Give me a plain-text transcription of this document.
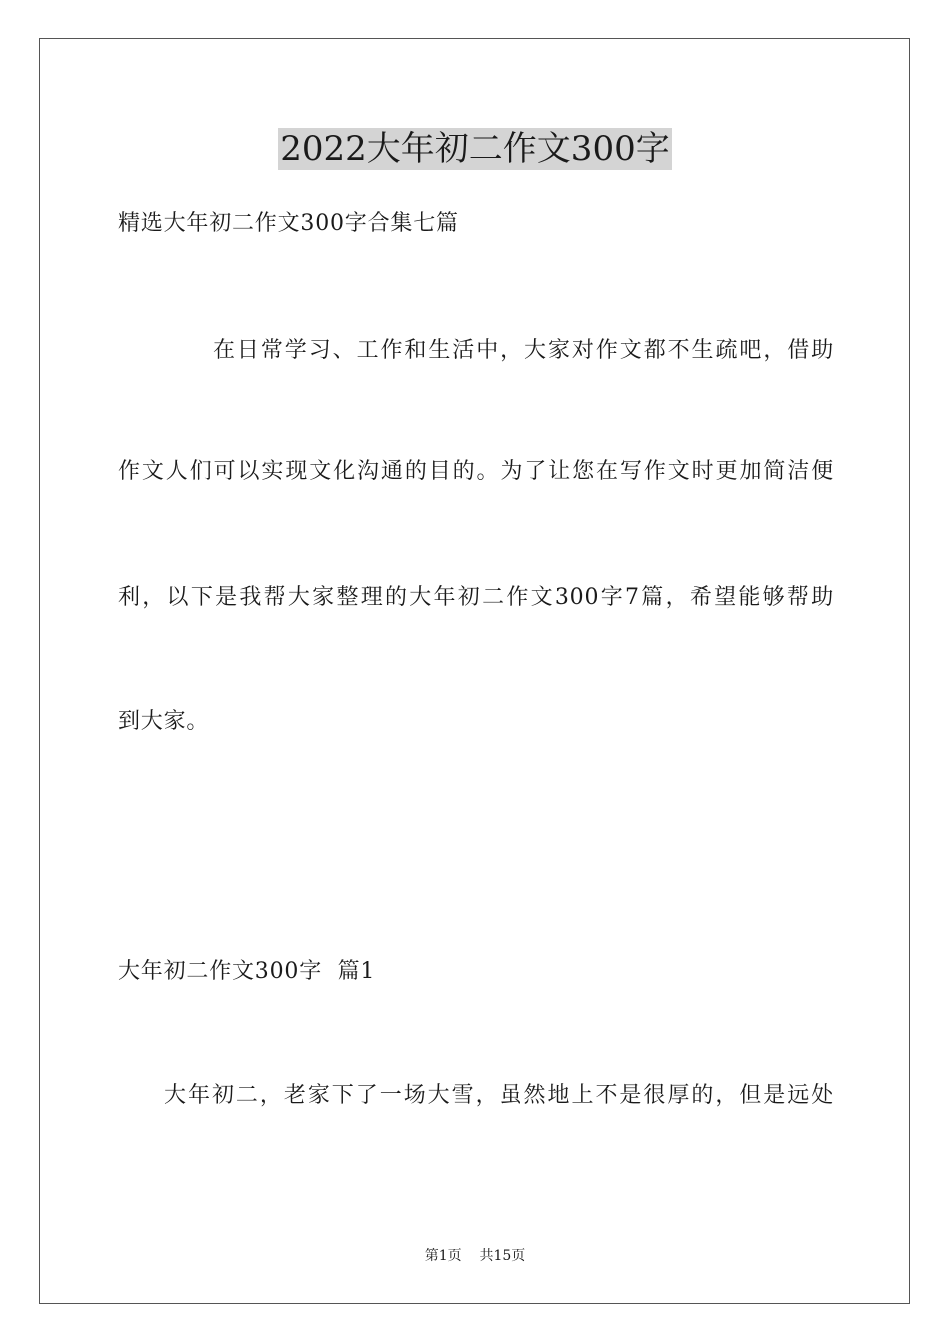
2022大年初二作文300字
精选大年初二作文300字合集七篇
在日常学习、工作和生活中，大家对作文都不生疏吧，借助
作文人们可以实现文化沟通的目的。为了让您在写作文时更加简洁便
利，以下是我帮大家整理的大年初二作文300字7篇，希望能够帮助
到大家。
大年初二作文300字  篇1
大年初二，老家下了一场大雪，虽然地上不是很厚的，但是远处
第1页    共15页
